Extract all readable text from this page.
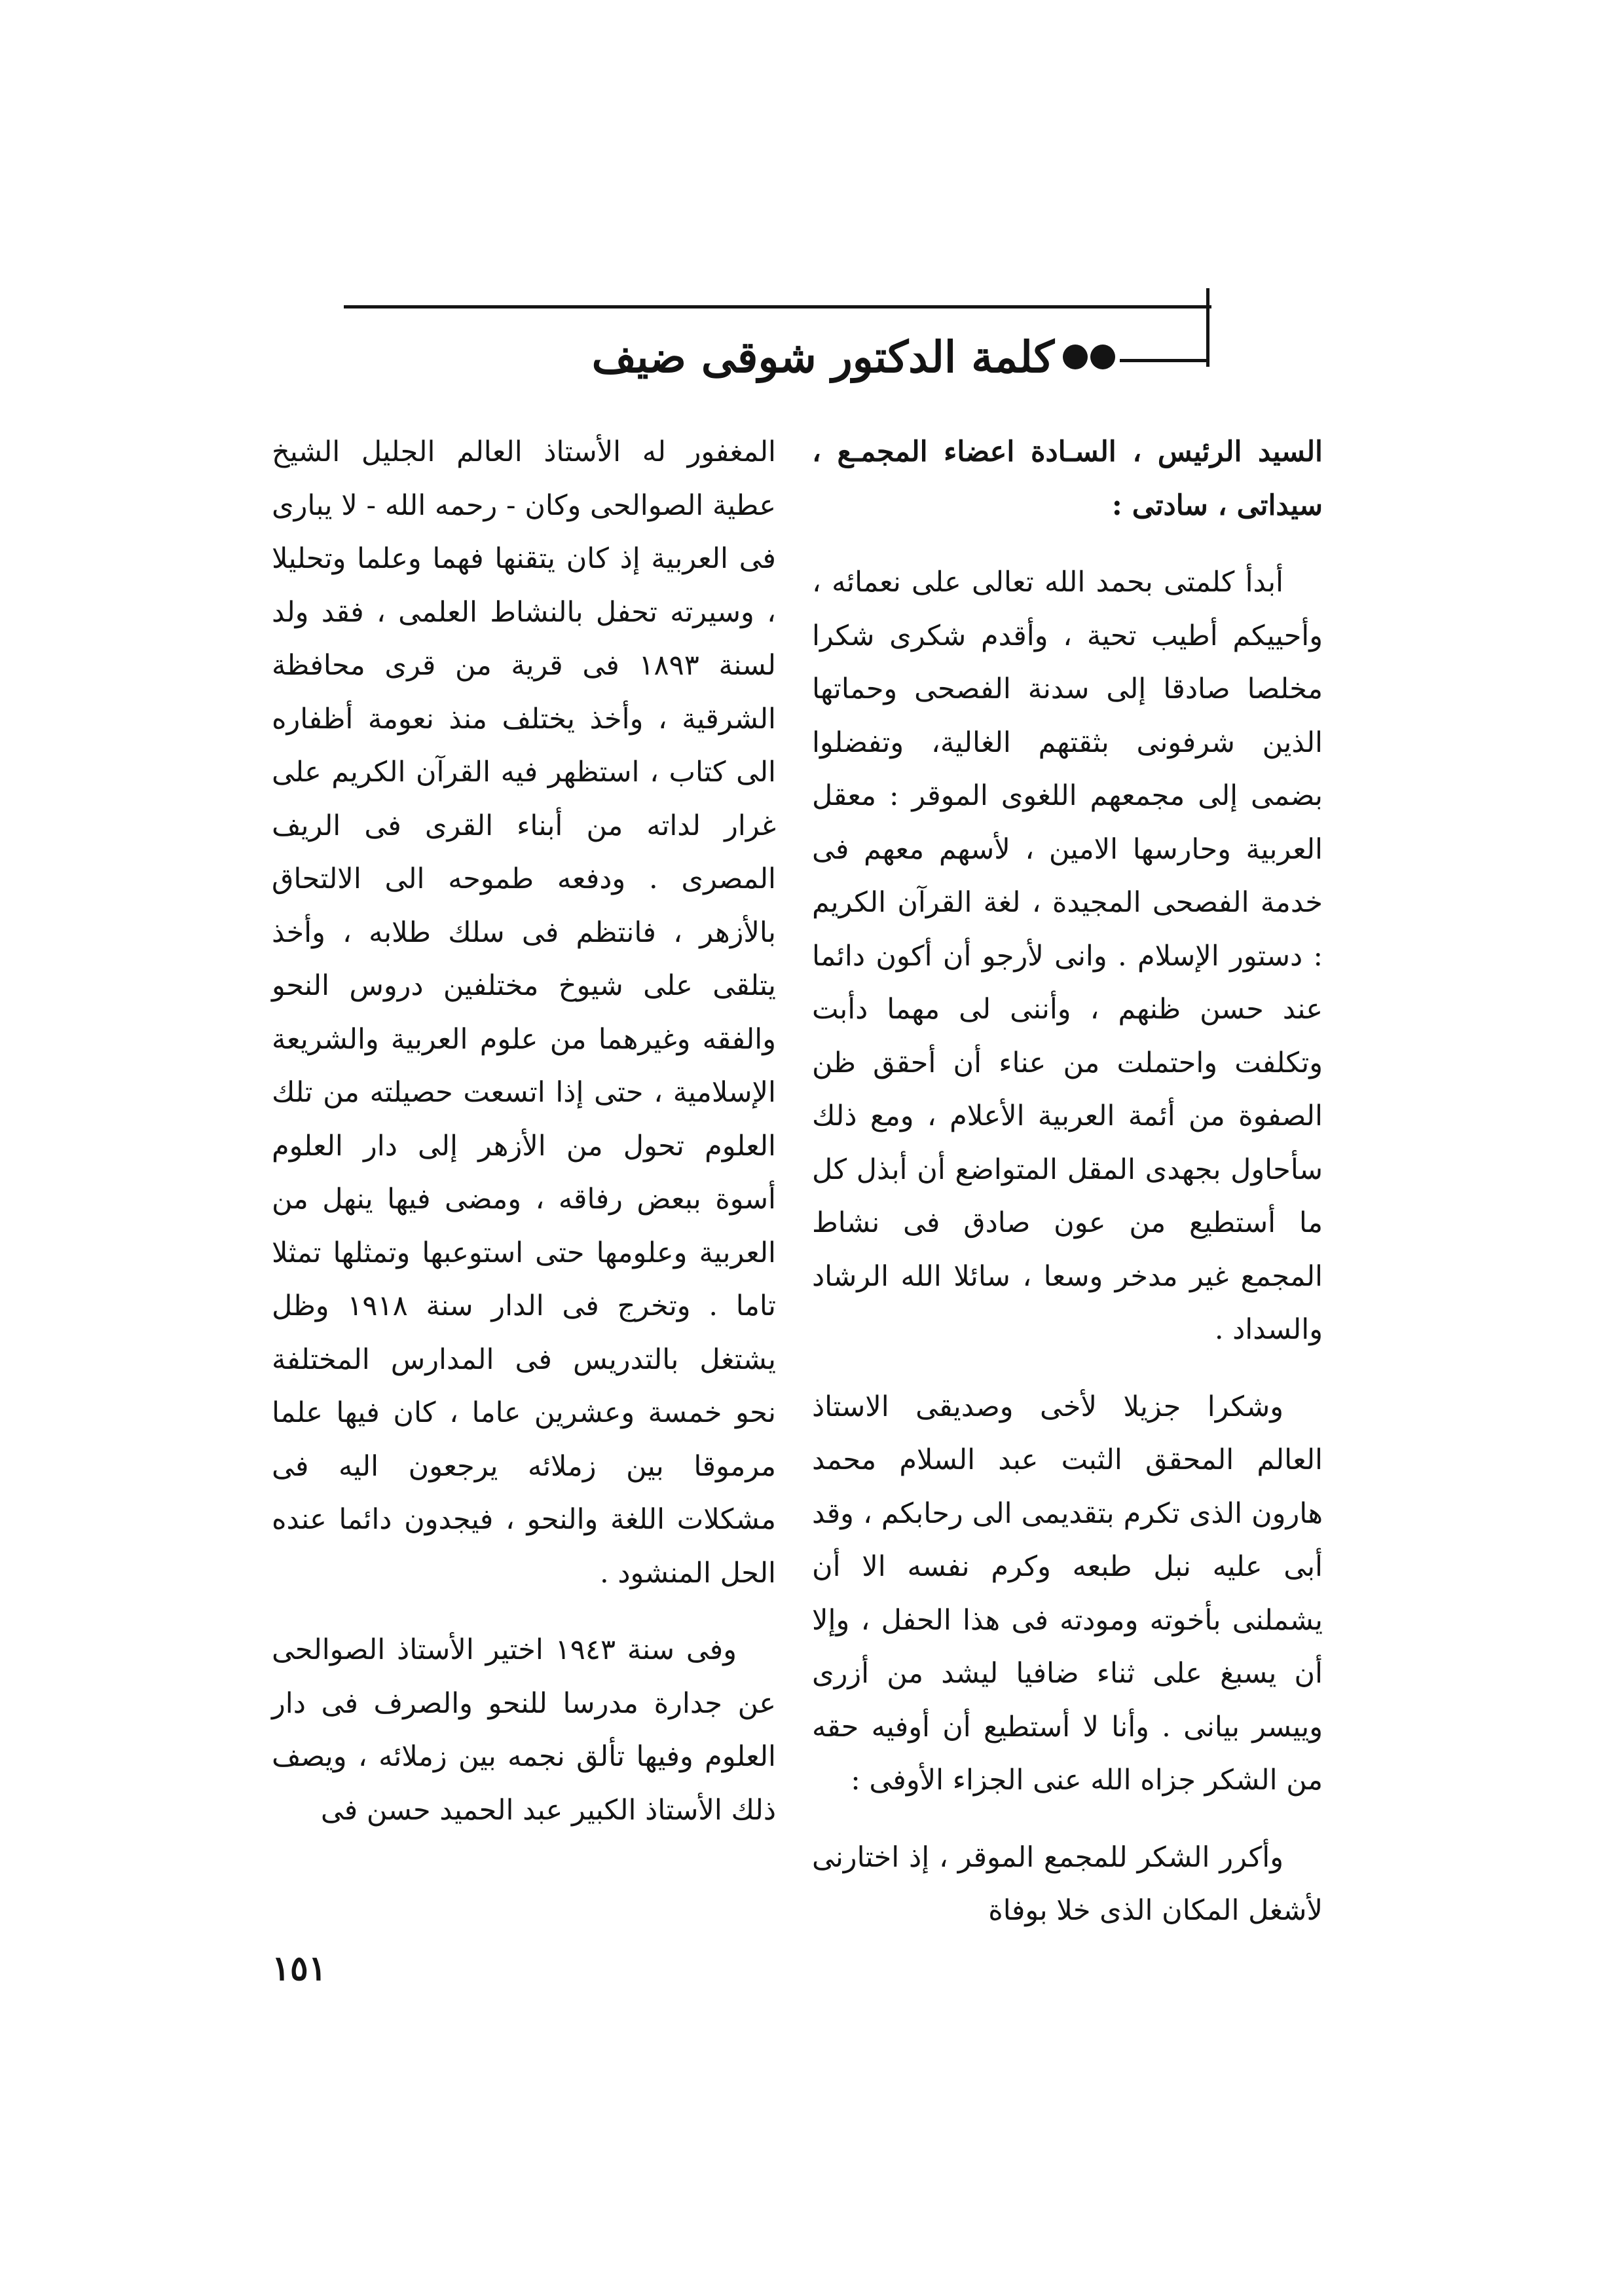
كلمة الدكتور شوقى ضيف

السيد الرئيس ، السـادة اعضاء المجمـع ، سيداتى ، سادتى :

أبدأ كلمتى بحمد الله تعالى على نعمائه ، وأحييكم أطيب تحية ، وأقدم شكرى شكرا مخلصا صادقا إلى سدنة الفصحى وحماتها الذين شرفونى بثقتهم الغالية، وتفضلوا بضمى إلى مجمعهم اللغوى الموقر : معقل العربية وحارسها الامين ، لأسهم معهم فى خدمة الفصحى المجيدة ، لغة القرآن الكريم : دستور الإسلام . وانى لأرجو أن أكون دائما عند حسن ظنهم ، وأننى لى مهما دأبت وتكلفت واحتملت من عناء أن أحقق ظن الصفوة من أئمة العربية الأعلام ، ومع ذلك سأحاول بجهدى المقل المتواضع أن أبذل كل ما أستطيع من عون صادق فى نشاط المجمع غير مدخر وسعا ، سائلا الله الرشاد والسداد .

وشكرا جزيلا لأخى وصديقى الاستاذ العالم المحقق الثبت عبد السلام محمد هارون الذى تكرم بتقديمى الى رحابكم ، وقد أبى عليه نبل طبعه وكرم نفسه الا أن يشملنى بأخوته ومودته فى هذا الحفل ، وإلا أن يسبغ على ثناء ضافيا ليشد من أزرى وييسر بيانى . وأنا لا أستطيع أن أوفيه حقه من الشكر جزاه الله عنى الجزاء الأوفى :

وأكرر الشكر للمجمع الموقر ، إذ اختارنى لأشغل المكان الذى خلا بوفاة

المغفور له الأستاذ العالم الجليل الشيخ عطية الصوالحى وكان - رحمه الله - لا يبارى فى العربية إذ كان يتقنها فهما وعلما وتحليلا ، وسيرته تحفل بالنشاط العلمى ، فقد ولد لسنة ١٨٩٣ فى قرية من قرى محافظة الشرقية ، وأخذ يختلف منذ نعومة أظفاره الى كتاب ، استظهر فيه القرآن الكريم على غرار لداته من أبناء القرى فى الريف المصرى . ودفعه طموحه الى الالتحاق بالأزهر ، فانتظم فى سلك طلابه ، وأخذ يتلقى على شيوخ مختلفين دروس النحو والفقه وغيرهما من علوم العربية والشريعة الإسلامية ، حتى إذا اتسعت حصيلته من تلك العلوم تحول من الأزهر إلى دار العلوم أسوة ببعض رفاقه ، ومضى فيها ينهل من العربية وعلومها حتى استوعبها وتمثلها تمثلا تاما . وتخرج فى الدار سنة ١٩١٨ وظل يشتغل بالتدريس فى المدارس المختلفة نحو خمسة وعشرين عاما ، كان فيها علما مرموقا بين زملائه يرجعون اليه فى مشكلات اللغة والنحو ، فيجدون دائما عنده الحل المنشود .

وفى سنة ١٩٤٣ اختير الأستاذ الصوالحى عن جدارة مدرسا للنحو والصرف فى دار العلوم وفيها تألق نجمه بين زملائه ، ويصف ذلك الأستاذ الكبير عبد الحميد حسن فى

١٥١
